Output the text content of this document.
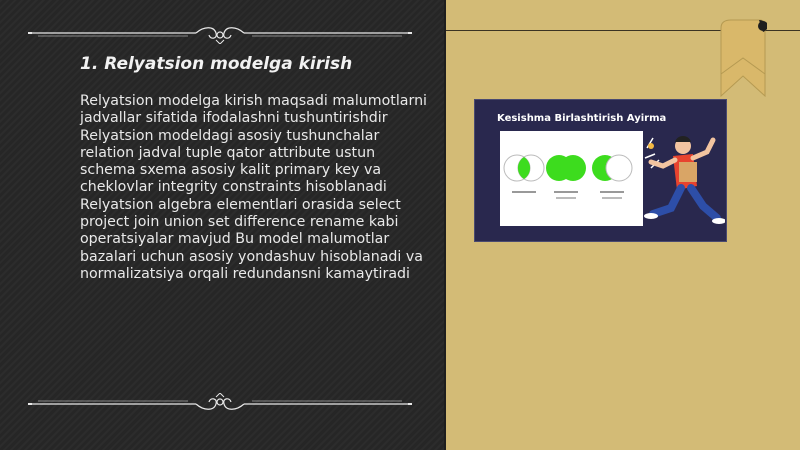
1. Relyatsion modelga kirish
Relyatsion modelga kirish maqsadi malumotlarni jadvallar sifatida ifodalashni tushuntirishdir Relyatsion modeldagi asosiy tushunchalar relation jadval tuple qator attribute ustun schema sxema asosiy kalit primary key va cheklovlar integrity constraints hisoblanadi Relyatsion algebra elementlari orasida select project join union set difference rename kabi operatsiyalar mavjud Bu model malumotlar bazalari uchun asosiy yondashuv hisoblanadi va normalizatsiya orqali redundansni kamaytiradi
Kesishma Birlashtirish Ayirma
